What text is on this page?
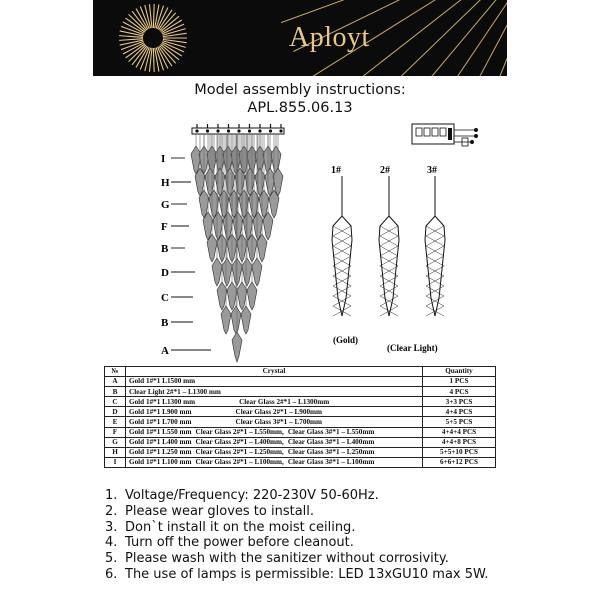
Aployt
Model assembly instructions:
APL.855.06.13
I
H
G
F
B
D
C
B
A
1#	2#	3#
(Gold)
(Clear Light)
№	Crystal	Quantity
A	Gold 1#*1 L1500 mm	1 PCS
B	Clear Light 2#*1 – L1300 mm	4 PCS
C	Gold 1#*1 L1300 mm Clear Glass 2#*1 – L1300mm	3+3 PCS
D	Gold 1#*1 L900 mm Clear Glass 2#*1 – L900mm	4+4 PCS
E	Gold 1#*1 L700 mm Clear Glass 3#*1 – L700mm	5+5 PCS
F	Gold 1#*1 L550 mm Clear Glass 2#*1 – L550mm, Clear Glass 3#*1 – L550mm	4+4+4 PCS
G	Gold 1#*1 L400 mm Clear Glass 2#*1 – L400mm, Clear Glass 3#*1 – L400mm	4+4+8 PCS
H	Gold 1#*1 L250 mm Clear Glass 2#*1 – L250mm, Clear Glass 3#*1 – L250mm	5+5+10 PCS
I	Gold 1#*1 L100 mm Clear Glass 2#*1 – L100mm, Clear Glass 3#*1 – L100mm	6+6+12 PCS
1. Voltage/Frequency: 220-230V 50-60Hz.
2. Please wear gloves to install.
3. Don`t install it on the moist ceiling.
4. Turn off the power before cleanout.
5. Please wash with the sanitizer without corrosivity.
6. The use of lamps is permissible: LED 13xGU10 max 5W.
